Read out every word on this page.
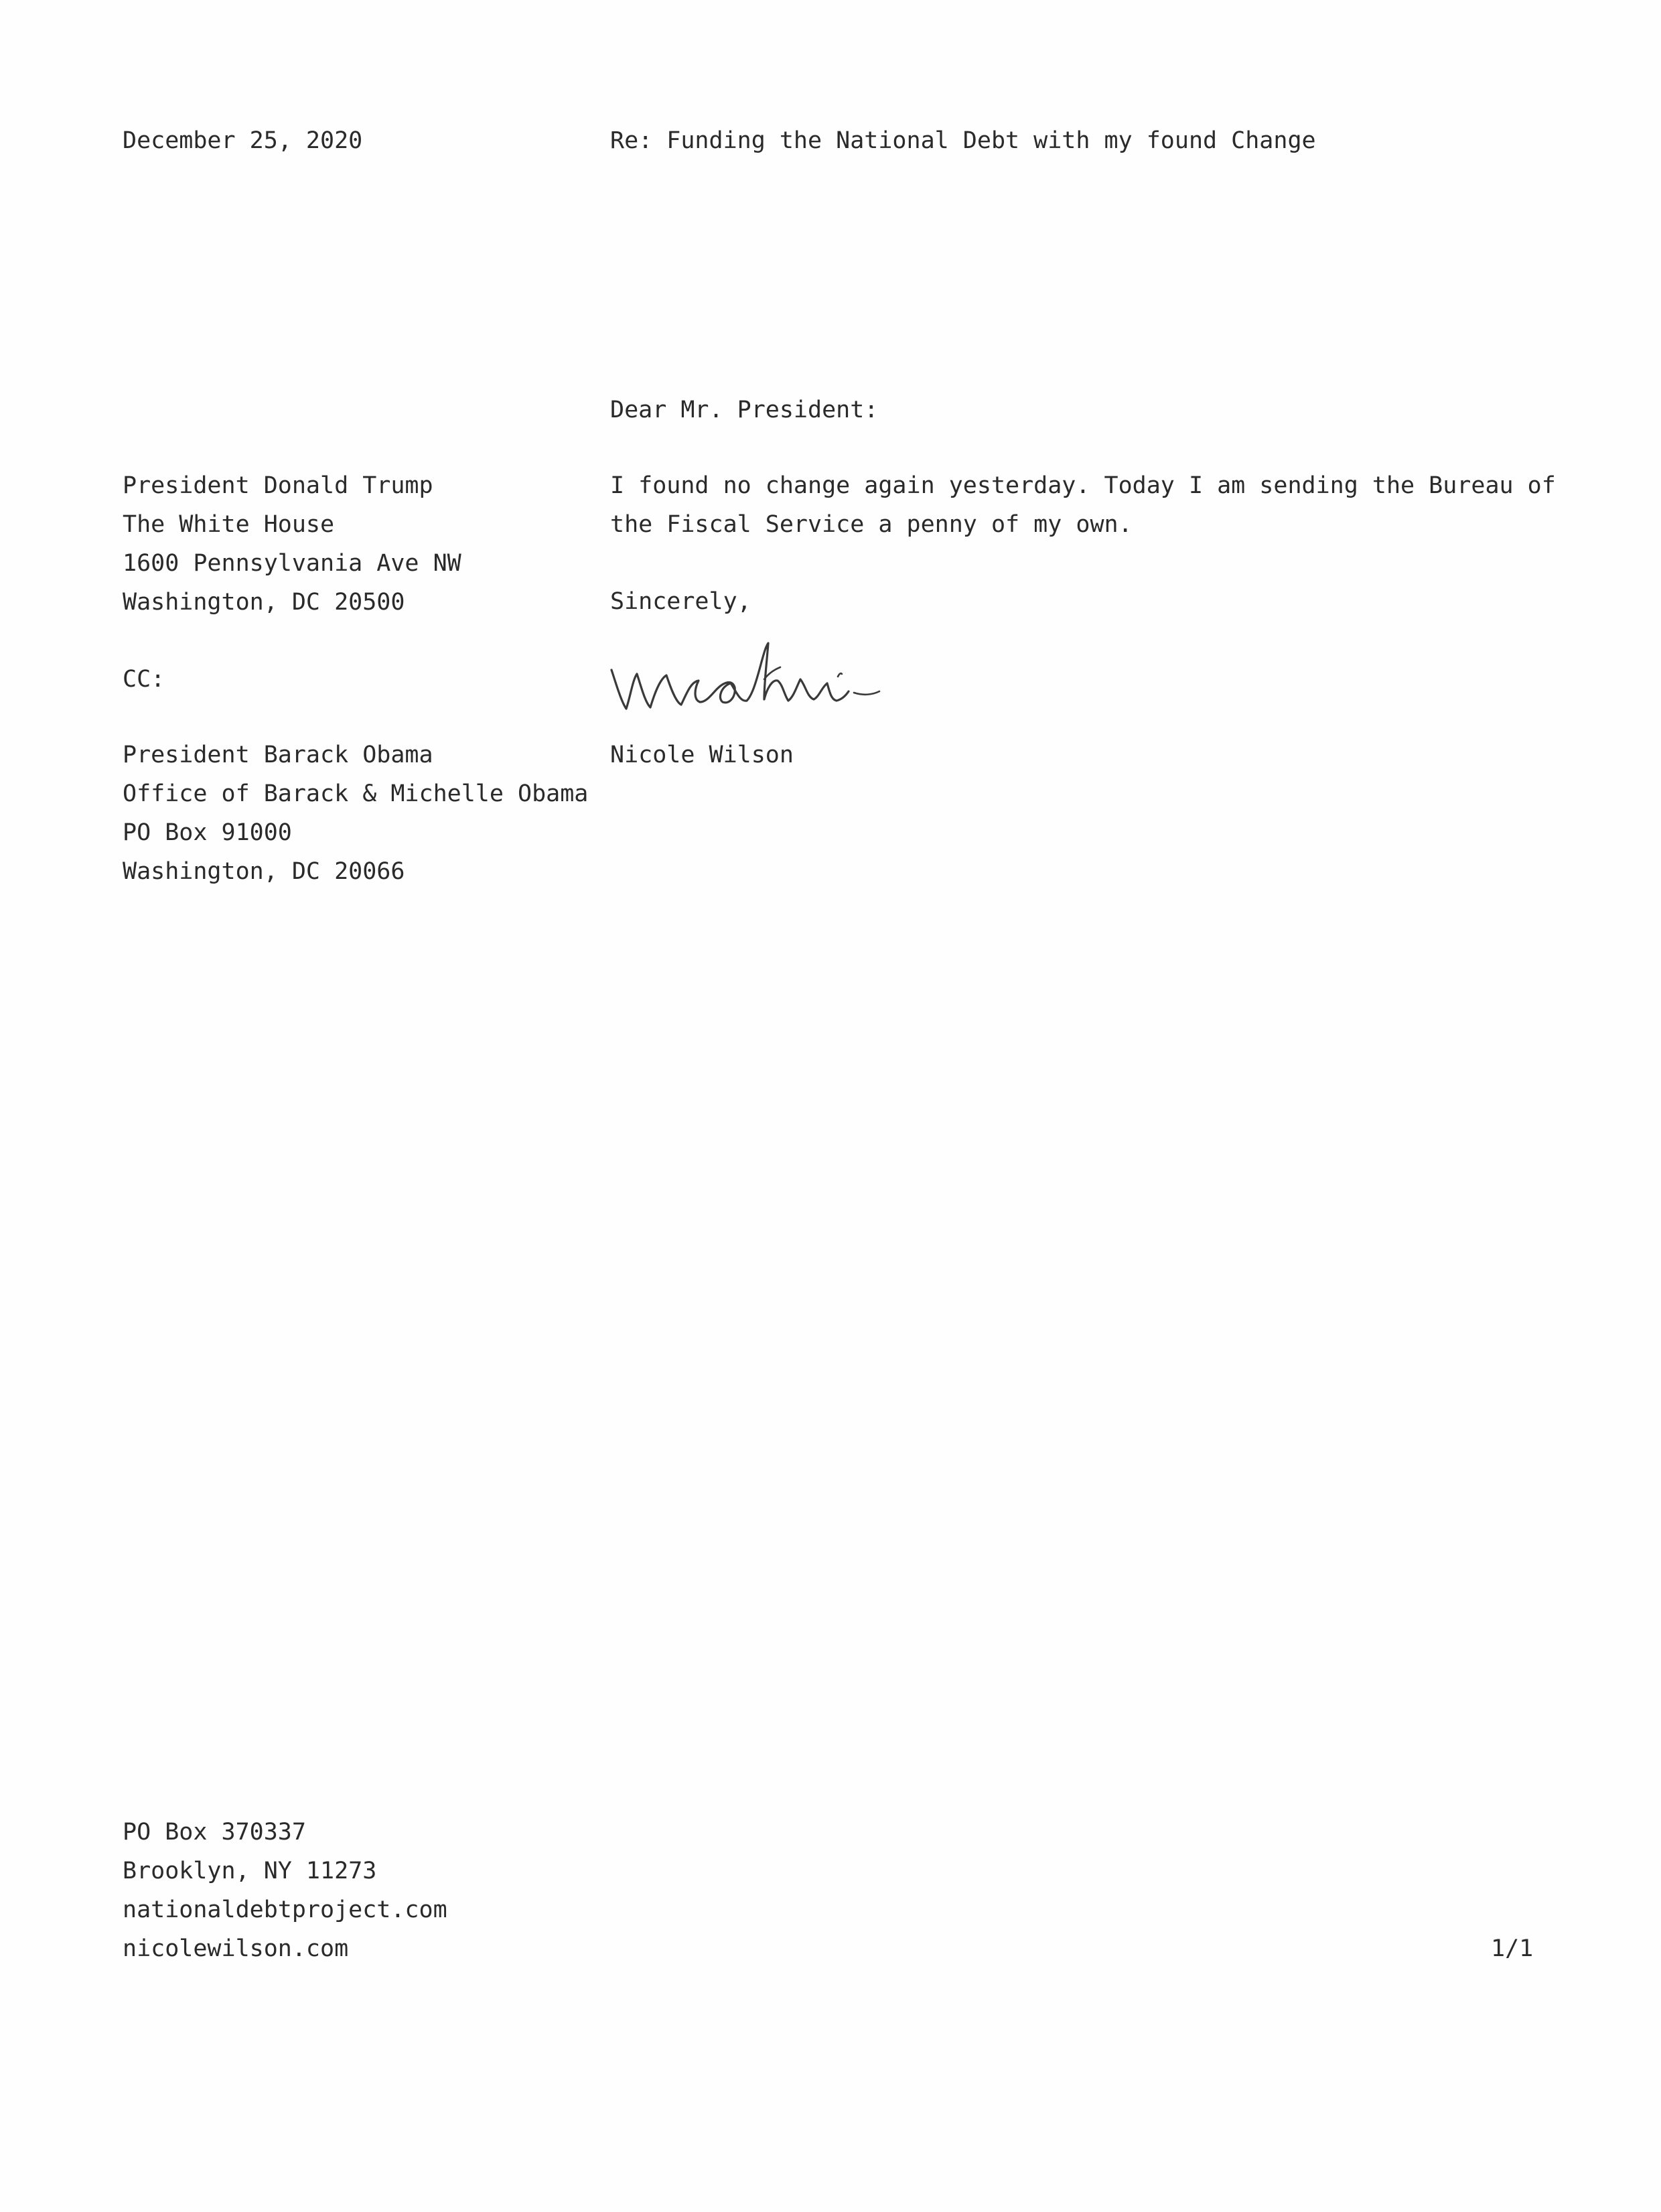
December 25, 2020	Re: Funding the National Debt with my found Change
Dear Mr. President:
President Donald Trump
The White House
1600 Pennsylvania Ave NW
Washington, DC 20500
I found no change again yesterday. Today I am sending the Bureau of
the Fiscal Service a penny of my own.
Sincerely,
CC:
Nicole Wilson
President Barack Obama
Office of Barack & Michelle Obama
PO Box 91000
Washington, DC 20066
PO Box 370337
Brooklyn, NY 11273
nationaldebtproject.com
nicolewilson.com	1/1
